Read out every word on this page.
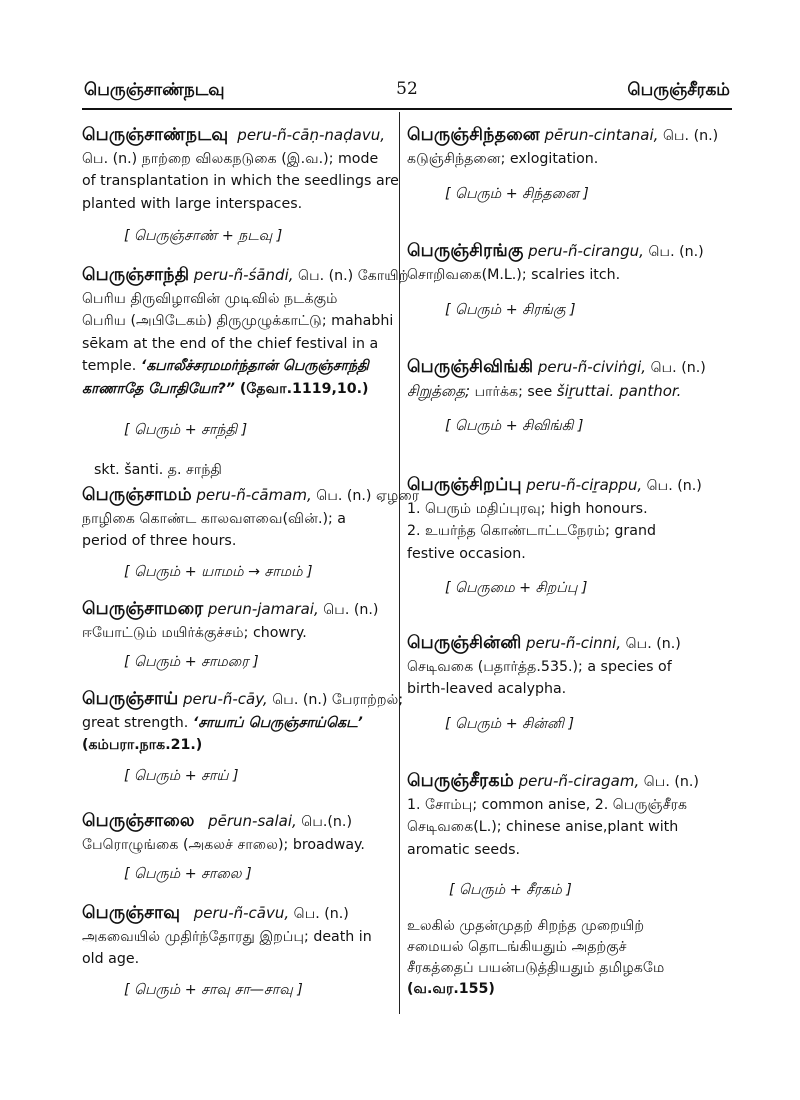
பெருஞ்சாண்நடவு	52	பெருஞ்சீரகம்
பெருஞ்சாண்நடவு peru-ñ-cāṇ-naḍavu,
பெ. (n.) நாற்றை விலகநடுகை (இ.வ.); mode
of transplantation in which the seedlings are
planted with large interspaces.
[ பெருஞ்சாண் + நடவு ]
பெருஞ்சாந்தி peru-ñ-śāndi, பெ. (n.) கோயிற்
பெரிய திருவிழாவின் முடிவில் நடக்கும்
பெரிய (அபிடேகம்) திருமுழுக்காட்டு; mahabhi
sēkam at the end of the chief festival in a
temple. ‘கபாலீச்சரமமர்ந்தான் பெருஞ்சாந்தி
காணாதே போதியோ?” (தேவா.1119,10.)
[ பெரும் + சாந்தி ]
skt. šanti. த. சாந்தி
பெருஞ்சாமம் peru-ñ-cāmam, பெ. (n.) ஏழரை
நாழிகை கொண்ட காலவளவை(வின்.); a
period of three hours.
[ பெரும் + யாமம் → சாமம் ]
பெருஞ்சாமரை perun-jamarai, பெ. (n.)
ஈயோட்டும் மயிர்க்குச்சம்; chowry.
[ பெரும் + சாமரை ]
பெருஞ்சாய் peru-ñ-cāy, பெ. (n.) பேராற்றல்;
great strength. ‘சாயாப் பெருஞ்சாய்கெட’
(கம்பரா.நாக.21.)
[ பெரும் + சாய் ]
பெருஞ்சாலை pērun-salai, பெ.(n.)
பேரொழுங்கை (அகலச் சாலை); broadway.
[ பெரும் + சாலை ]
பெருஞ்சாவு peru-ñ-cāvu, பெ. (n.)
அகவையில் முதிர்ந்தோரது இறப்பு; death in
old age.
[ பெரும் + சாவு சா—சாவு ]
பெருஞ்சிந்தனை pērun-cintanai, பெ. (n.)
கடுஞ்சிந்தனை; exlogitation.
[ பெரும் + சிந்தனை ]
பெருஞ்சிரங்கு peru-ñ-cirangu, பெ. (n.)
சொறிவகை(M.L.); scalries itch.
[ பெரும் + சிரங்கு ]
பெருஞ்சிவிங்கி peru-ñ-civiṅgi, பெ. (n.)
சிறுத்தை; பார்க்க; see šiṟuttai. panthor.
[ பெரும் + சிவிங்கி ]
பெருஞ்சிறப்பு peru-ñ-ciṟappu, பெ. (n.)
1. பெரும் மதிப்புரவு; high honours.
2. உயர்ந்த கொண்டாட்டநேரம்; grand
festive occasion.
[ பெருமை + சிறப்பு ]
பெருஞ்சின்னி peru-ñ-cinni, பெ. (n.)
செடிவகை (பதார்த்த.535.); a species of
birth-leaved acalypha.
[ பெரும் + சின்னி ]
பெருஞ்சீரகம் peru-ñ-ciragam, பெ. (n.)
1. சோம்பு; common anise, 2. பெருஞ்சீரக
செடிவகை(L.); chinese anise,plant with
aromatic seeds.
[ பெரும் + சீரகம் ]
உலகில் முதன்முதற் சிறந்த முறையிற்
சமையல் தொடங்கியதும் அதற்குச்
சீரகத்தைப் பயன்படுத்தியதும் தமிழகமே
(வ.வர.155)
